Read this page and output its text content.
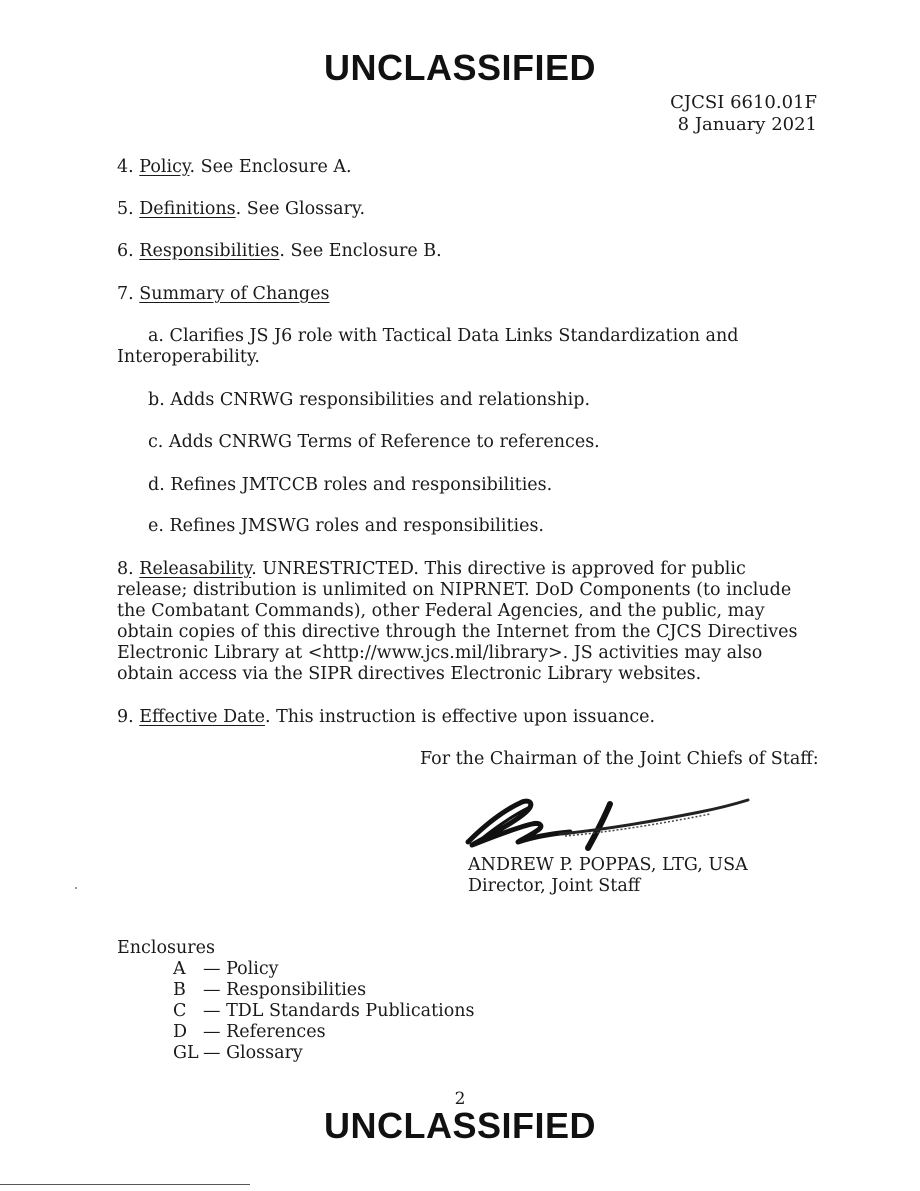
UNCLASSIFIED
CJCSI 6610.01F
8 January 2021
4. Policy. See Enclosure A.
5. Definitions. See Glossary.
6. Responsibilities. See Enclosure B.
7. Summary of Changes
a. Clarifies JS J6 role with Tactical Data Links Standardization and
Interoperability.
b. Adds CNRWG responsibilities and relationship.
c. Adds CNRWG Terms of Reference to references.
d. Refines JMTCCB roles and responsibilities.
e. Refines JMSWG roles and responsibilities.
8. Releasability. UNRESTRICTED. This directive is approved for public
release; distribution is unlimited on NIPRNET. DoD Components (to include
the Combatant Commands), other Federal Agencies, and the public, may
obtain copies of this directive through the Internet from the CJCS Directives
Electronic Library at <http://www.jcs.mil/library>. JS activities may also
obtain access via the SIPR directives Electronic Library websites.
9. Effective Date. This instruction is effective upon issuance.
For the Chairman of the Joint Chiefs of Staff:
ANDREW P. POPPAS, LTG, USA
Director, Joint Staff
Enclosures
A — Policy
B — Responsibilities
C — TDL Standards Publications
D — References
GL — Glossary
2
UNCLASSIFIED
